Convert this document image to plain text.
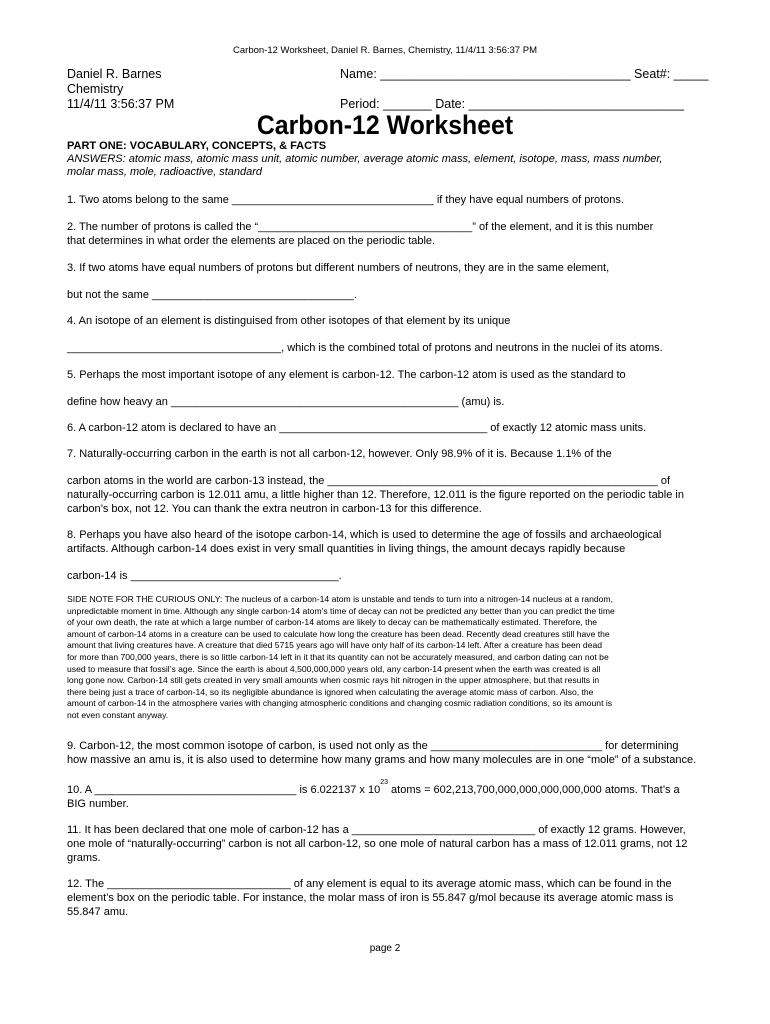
Carbon-12 Worksheet, Daniel R. Barnes, Chemistry, 11/4/11 3:56:37 PM
Daniel R. Barnes
Chemistry
11/4/11 3:56:37 PM
Name: ____________________________________ Seat#: _____
Period: _______ Date: _______________________________
Carbon-12 Worksheet
PART ONE: VOCABULARY, CONCEPTS, & FACTS
ANSWERS: atomic mass, atomic mass unit, atomic number, average atomic mass, element, isotope, mass, mass number,
molar mass, mole, radioactive, standard
1. Two atoms belong to the same _________________________________ if they have equal numbers of protons.
2. The number of protons is called the “___________________________________” of the element, and it is this number
that determines in what order the elements are placed on the periodic table.
3. If two atoms have equal numbers of protons but different numbers of neutrons, they are in the same element,
but not the same _________________________________.
4. An isotope of an element is distinguised from other isotopes of that element by its unique
___________________________________, which is the combined total of protons and neutrons in the nuclei of its atoms.
5. Perhaps the most important isotope of any element is carbon-12. The carbon-12 atom is used as the standard to
define how heavy an _______________________________________________ (amu) is.
6. A carbon-12 atom is declared to have an __________________________________ of exactly 12 atomic mass units.
7. Naturally-occurring carbon in the earth is not all carbon-12, however. Only 98.9% of it is. Because 1.1% of the
carbon atoms in the world are carbon-13 instead, the ______________________________________________________ of
naturally-occurring carbon is 12.011 amu, a little higher than 12. Therefore, 12.011 is the figure reported on the periodic table in
carbon’s box, not 12. You can thank the extra neutron in carbon-13 for this difference.
8. Perhaps you have also heard of the isotope carbon-14, which is used to determine the age of fossils and archaeological
artifacts. Although carbon-14 does exist in very small quantities in living things, the amount decays rapidly because
carbon-14 is __________________________________.
SIDE NOTE FOR THE CURIOUS ONLY: The nucleus of a carbon-14 atom is unstable and tends to turn into a nitrogen-14 nucleus at a random,
unpredictable moment in time. Although any single carbon-14 atom’s time of decay can not be predicted any better than you can predict the time
of your own death, the rate at which a large number of carbon-14 atoms are likely to decay can be mathematically estimated. Therefore, the
amount of carbon-14 atoms in a creature can be used to calculate how long the creature has been dead. Recently dead creatures still have the
amount that living creatures have. A creature that died 5715 years ago will have only half of its carbon-14 left. After a creature has been dead
for more than 700,000 years, there is so little carbon-14 left in it that its quantity can not be accurately measured, and carbon dating can not be
used to measure that fossil’s age. Since the earth is about 4,500,000,000 years old, any carbon-14 present when the earth was created is all
long gone now. Carbon-14 still gets created in very small amounts when cosmic rays hit nitrogen in the upper atmosphere, but that results in
there being just a trace of carbon-14, so its negligible abundance is ignored when calculating the average atomic mass of carbon. Also, the
amount of carbon-14 in the atmosphere varies with changing atmospheric conditions and changing cosmic radiation conditions, so its amount is
not even constant anyway.
9. Carbon-12, the most common isotope of carbon, is used not only as the ____________________________ for determining
how massive an amu is, it is also used to determine how many grams and how many molecules are in one “mole” of a substance.
10. A _________________________________ is 6.022137 x $10^{23}$ atoms = 602,213,700,000,000,000,000,000 atoms. That’s a
BIG number.
11. It has been declared that one mole of carbon-12 has a ______________________________ of exactly 12 grams. However,
one mole of “naturally-occurring” carbon is not all carbon-12, so one mole of natural carbon has a mass of 12.011 grams, not 12
grams.
12. The ______________________________ of any element is equal to its average atomic mass, which can be found in the
element’s box on the periodic table. For instance, the molar mass of iron is 55.847 g/mol because its average atomic mass is
55.847 amu.
page 2
